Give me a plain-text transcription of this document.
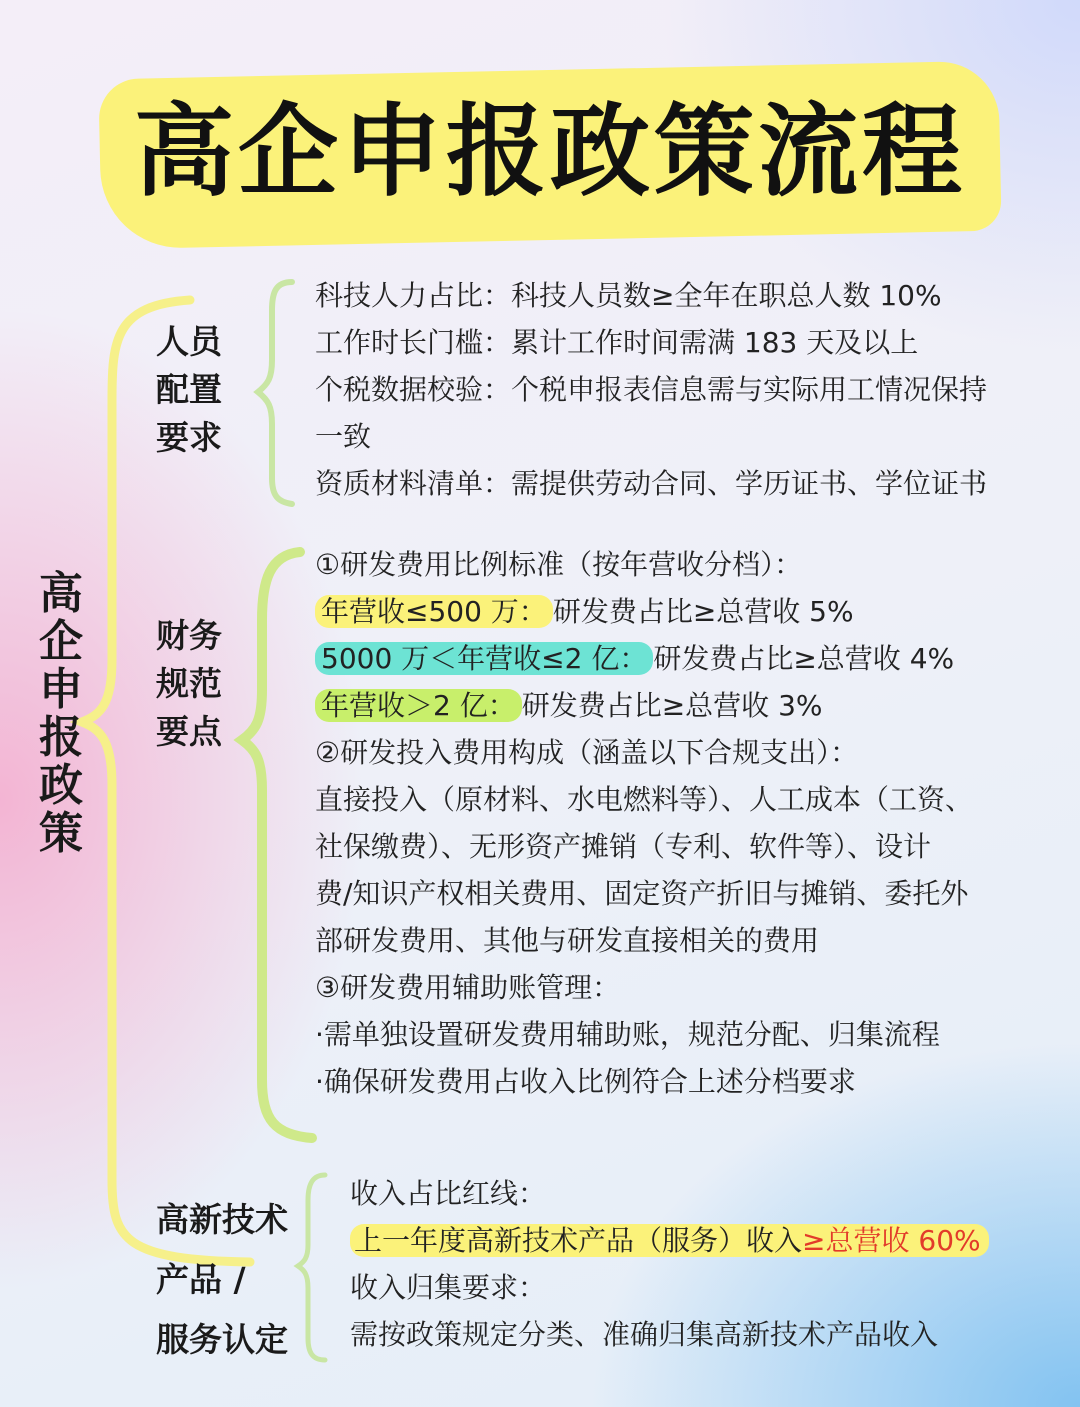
高企申报政策流程
高企申报政策
人员
配置
要求
科技人力占比：科技人员数≥全年在职总人数 10%
工作时长门槛：累计工作时间需满 183 天及以上
个税数据校验：个税申报表信息需与实际用工情况保持
一致
资质材料清单：需提供劳动合同、学历证书、学位证书
财务
规范
要点
①研发费用比例标准（按年营收分档）：
年营收≤500 万： 研发费占比≥总营收 5%
5000 万＜年营收≤2 亿： 研发费占比≥总营收 4%
年营收＞2 亿： 研发费占比≥总营收 3%
②研发投入费用构成（涵盖以下合规支出）：
直接投入（原材料、水电燃料等）、人工成本（工资、
社保缴费）、无形资产摊销（专利、软件等）、设计
费/知识产权相关费用、固定资产折旧与摊销、委托外
部研发费用、其他与研发直接相关的费用
③研发费用辅助账管理：
·需单独设置研发费用辅助账，规范分配、归集流程
·确保研发费用占收入比例符合上述分档要求
高新技术
产品 /
服务认定
收入占比红线：
上一年度高新技术产品（服务）收入≥总营收 60%
收入归集要求：
需按政策规定分类、准确归集高新技术产品收入
